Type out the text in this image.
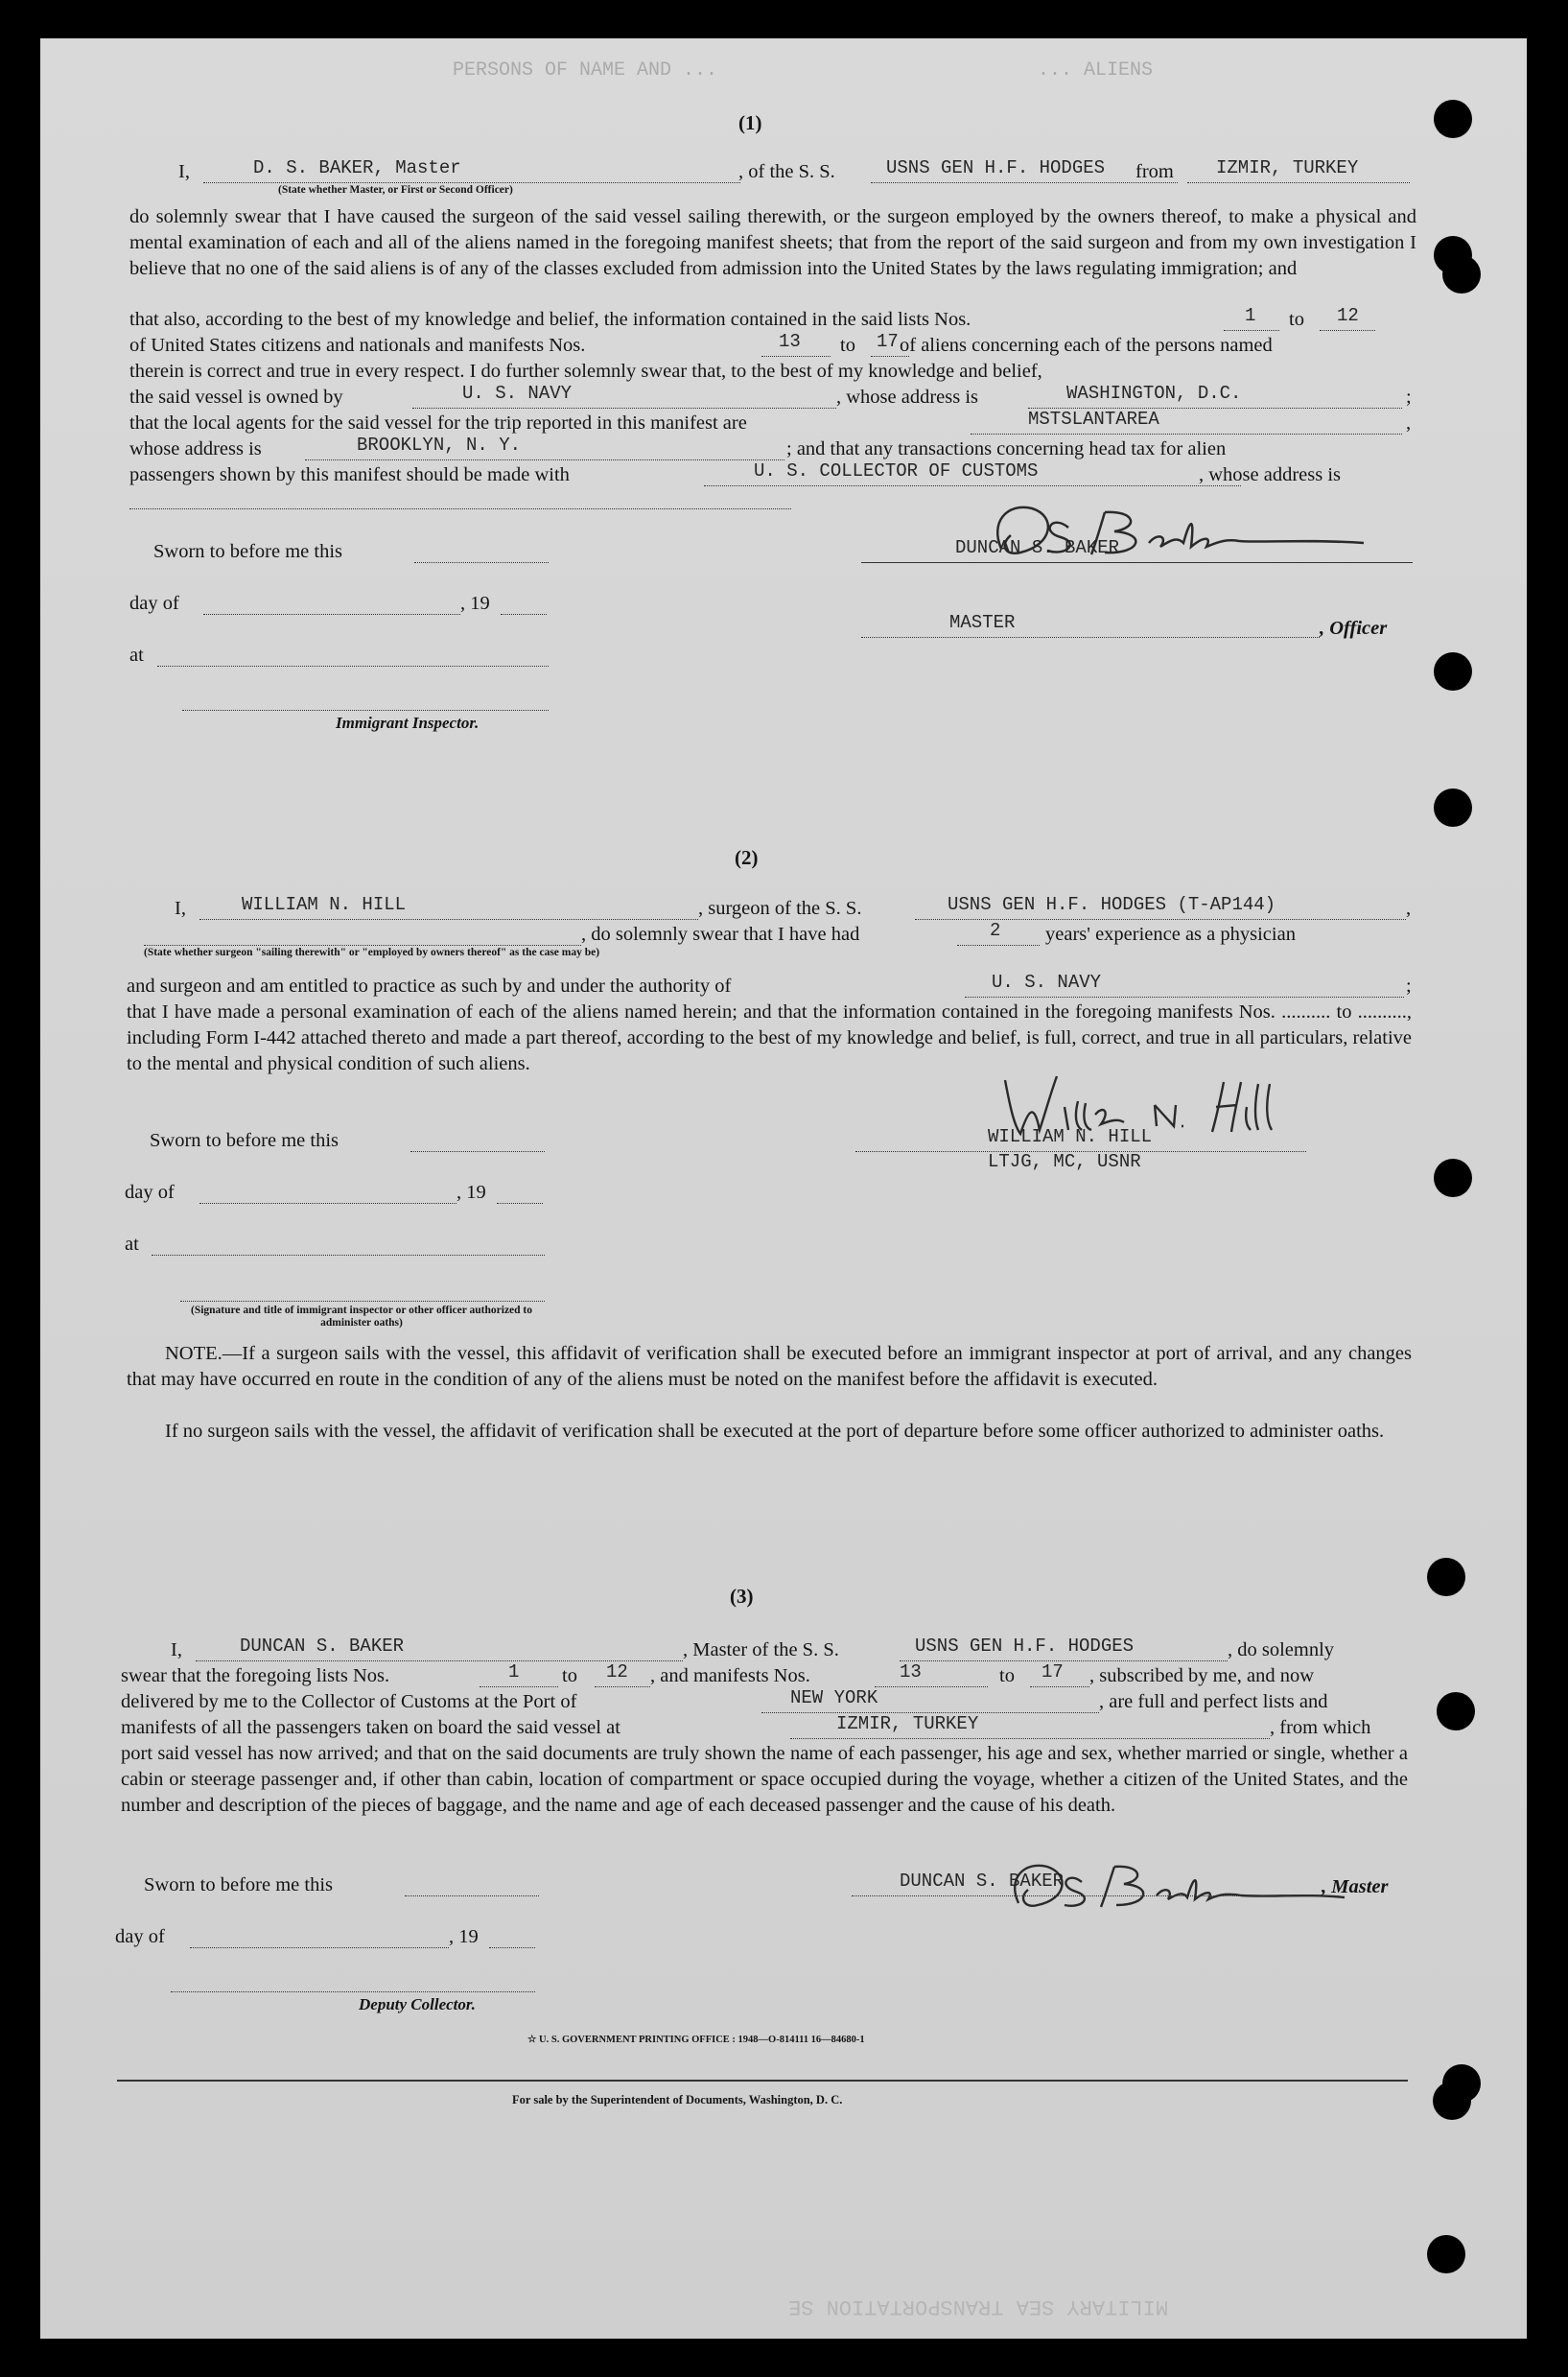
PERSONS OF NAME AND ...	... ALIENS
(1)
I,	D. S. BAKER, Master	, of the S. S.	USNS GEN H.F. HODGES from IZMIR, TURKEY
(State whether Master, or First or Second Officer)
do solemnly swear that I have caused the surgeon of the said vessel sailing therewith, or the surgeon employed by the owners thereof, to make a physical and mental examination of each and all of the aliens named in the foregoing manifest sheets; that from the report of the said surgeon and from my own investigation I believe that no one of the said aliens is of any of the classes excluded from admission into the United States by the laws regulating immigration; and
that also, according to the best of my knowledge and belief, the information contained in the said lists Nos.	1 to 12
of United States citizens and nationals and manifests Nos.	13 to 17 of aliens concerning each of the persons named
therein is correct and true in every respect. I do further solemnly swear that, to the best of my knowledge and belief,
the said vessel is owned by	U. S. NAVY	, whose address is	WASHINGTON, D.C.	;
that the local agents for the said vessel for the trip reported in this manifest are	MSTSLANTAREA	,
whose address is	BROOKLYN, N. Y.	; and that any transactions concerning head tax for alien
passengers shown by this manifest should be made with	U. S. COLLECTOR OF CUSTOMS	, whose address is
Sworn to before me this	DUNCAN S. BAKER
day of	, 19
MASTER	, Officer
at
Immigrant Inspector.
(2)
I,	WILLIAM N. HILL	, surgeon of the S. S.	USNS GEN H.F. HODGES (T-AP144)	,
, do solemnly swear that I have had	2 years' experience as a physician
(State whether surgeon "sailing therewith" or "employed by owners thereof" as the case may be)
and surgeon and am entitled to practice as such by and under the authority of	U. S. NAVY	;
that I have made a personal examination of each of the aliens named herein; and that the information contained in the foregoing manifests Nos. .......... to .........., including Form I-442 attached thereto and made a part thereof, according to the best of my knowledge and belief, is full, correct, and true in all particulars, relative to the mental and physical condition of such aliens.
Sworn to before me this	WILLIAM N. HILL
LTJG, MC, USNR
day of	, 19
at
(Signature and title of immigrant inspector or other officer authorized to administer oaths)
NOTE.—If a surgeon sails with the vessel, this affidavit of verification shall be executed before an immigrant inspector at port of arrival, and any changes that may have occurred en route in the condition of any of the aliens must be noted on the manifest before the affidavit is executed.
If no surgeon sails with the vessel, the affidavit of verification shall be executed at the port of departure before some officer authorized to administer oaths.
(3)
I,	DUNCAN S. BAKER	, Master of the S. S.	USNS GEN H.F. HODGES	, do solemnly
swear that the foregoing lists Nos.	1 to 12 , and manifests Nos.	13	to 17 , subscribed by me, and now
delivered by me to the Collector of Customs at the Port of	NEW YORK	, are full and perfect lists and
manifests of all the passengers taken on board the said vessel at	IZMIR, TURKEY	, from which
port said vessel has now arrived; and that on the said documents are truly shown the name of each passenger, his age and sex, whether married or single, whether a cabin or steerage passenger and, if other than cabin, location of compartment or space occupied during the voyage, whether a citizen of the United States, and the number and description of the pieces of baggage, and the name and age of each deceased passenger and the cause of his death.
Sworn to before me this	DUNCAN S. BAKER	, Master
day of	, 19
Deputy Collector.
☆ U. S. GOVERNMENT PRINTING OFFICE : 1948—O-814111 16—84680-1
For sale by the Superintendent of Documents, Washington, D. C.
MILITARY SEA TRANSPORTATION SE
